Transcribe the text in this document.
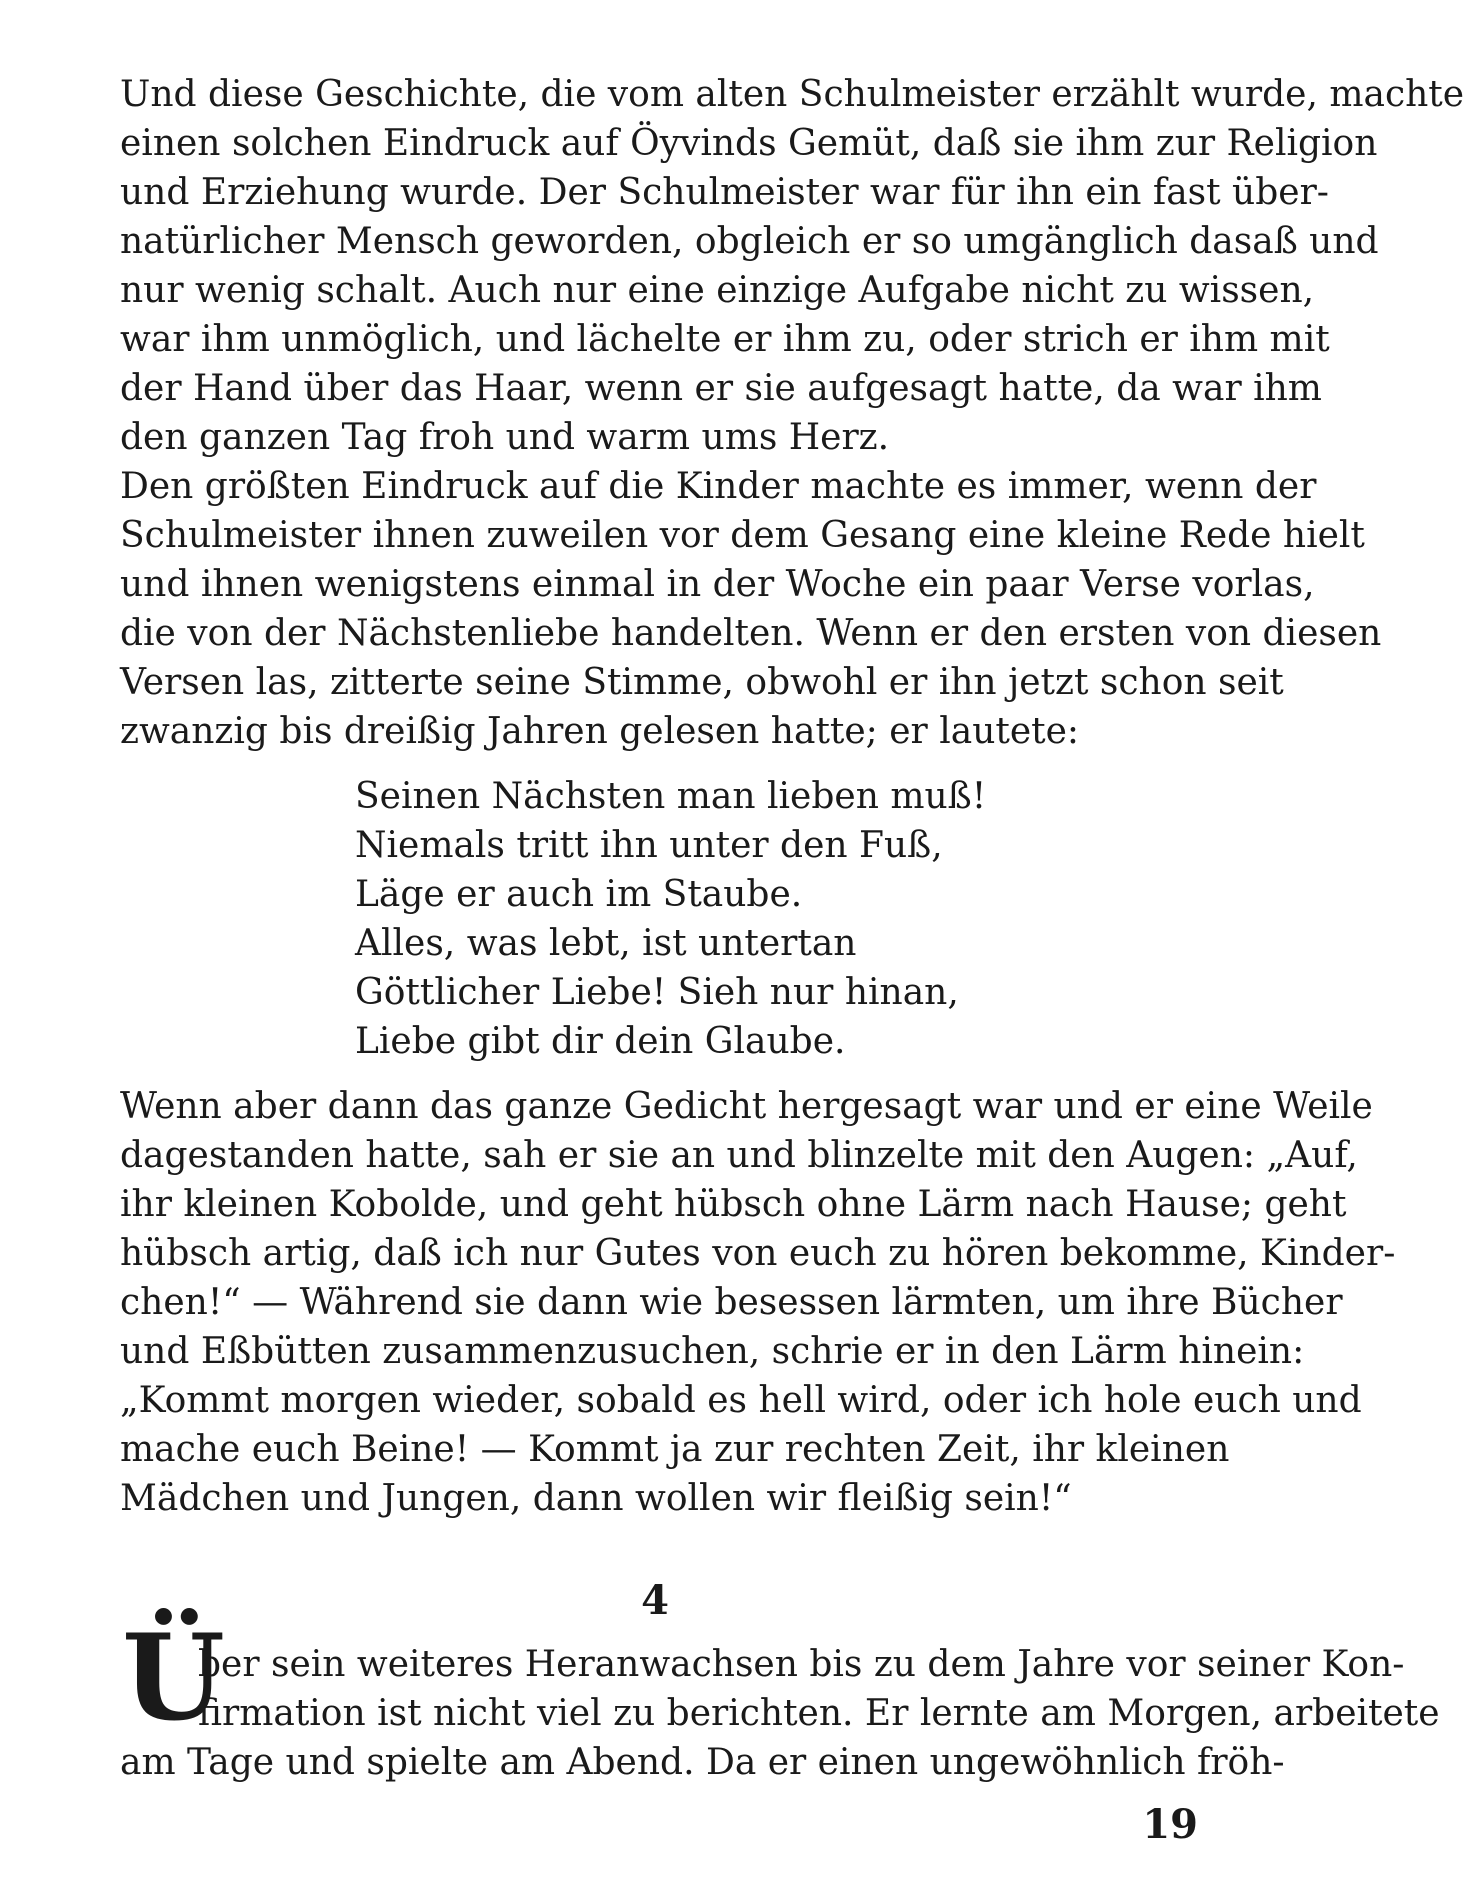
Und diese Geschichte, die vom alten Schulmeister erzählt wurde, machte
einen solchen Eindruck auf Öyvinds Gemüt, daß sie ihm zur Religion
und Erziehung wurde. Der Schulmeister war für ihn ein fast über-
natürlicher Mensch geworden, obgleich er so umgänglich dasaß und
nur wenig schalt. Auch nur eine einzige Aufgabe nicht zu wissen,
war ihm unmöglich, und lächelte er ihm zu, oder strich er ihm mit
der Hand über das Haar, wenn er sie aufgesagt hatte, da war ihm
den ganzen Tag froh und warm ums Herz.
Den größten Eindruck auf die Kinder machte es immer, wenn der
Schulmeister ihnen zuweilen vor dem Gesang eine kleine Rede hielt
und ihnen wenigstens einmal in der Woche ein paar Verse vorlas,
die von der Nächstenliebe handelten. Wenn er den ersten von diesen
Versen las, zitterte seine Stimme, obwohl er ihn jetzt schon seit
zwanzig bis dreißig Jahren gelesen hatte; er lautete:
Seinen Nächsten man lieben muß!
Niemals tritt ihn unter den Fuß,
Läge er auch im Staube.
Alles, was lebt, ist untertan
Göttlicher Liebe! Sieh nur hinan,
Liebe gibt dir dein Glaube.
Wenn aber dann das ganze Gedicht hergesagt war und er eine Weile
dagestanden hatte, sah er sie an und blinzelte mit den Augen: „Auf,
ihr kleinen Kobolde, und geht hübsch ohne Lärm nach Hause; geht
hübsch artig, daß ich nur Gutes von euch zu hören bekomme, Kinder-
chen!“ — Während sie dann wie besessen lärmten, um ihre Bücher
und Eßbütten zusammenzusuchen, schrie er in den Lärm hinein:
„Kommt morgen wieder, sobald es hell wird, oder ich hole euch und
mache euch Beine! — Kommt ja zur rechten Zeit, ihr kleinen
Mädchen und Jungen, dann wollen wir fleißig sein!“
4
Ü
ber sein weiteres Heranwachsen bis zu dem Jahre vor seiner Kon-
firmation ist nicht viel zu berichten. Er lernte am Morgen, arbeitete
am Tage und spielte am Abend. Da er einen ungewöhnlich fröh-
19
